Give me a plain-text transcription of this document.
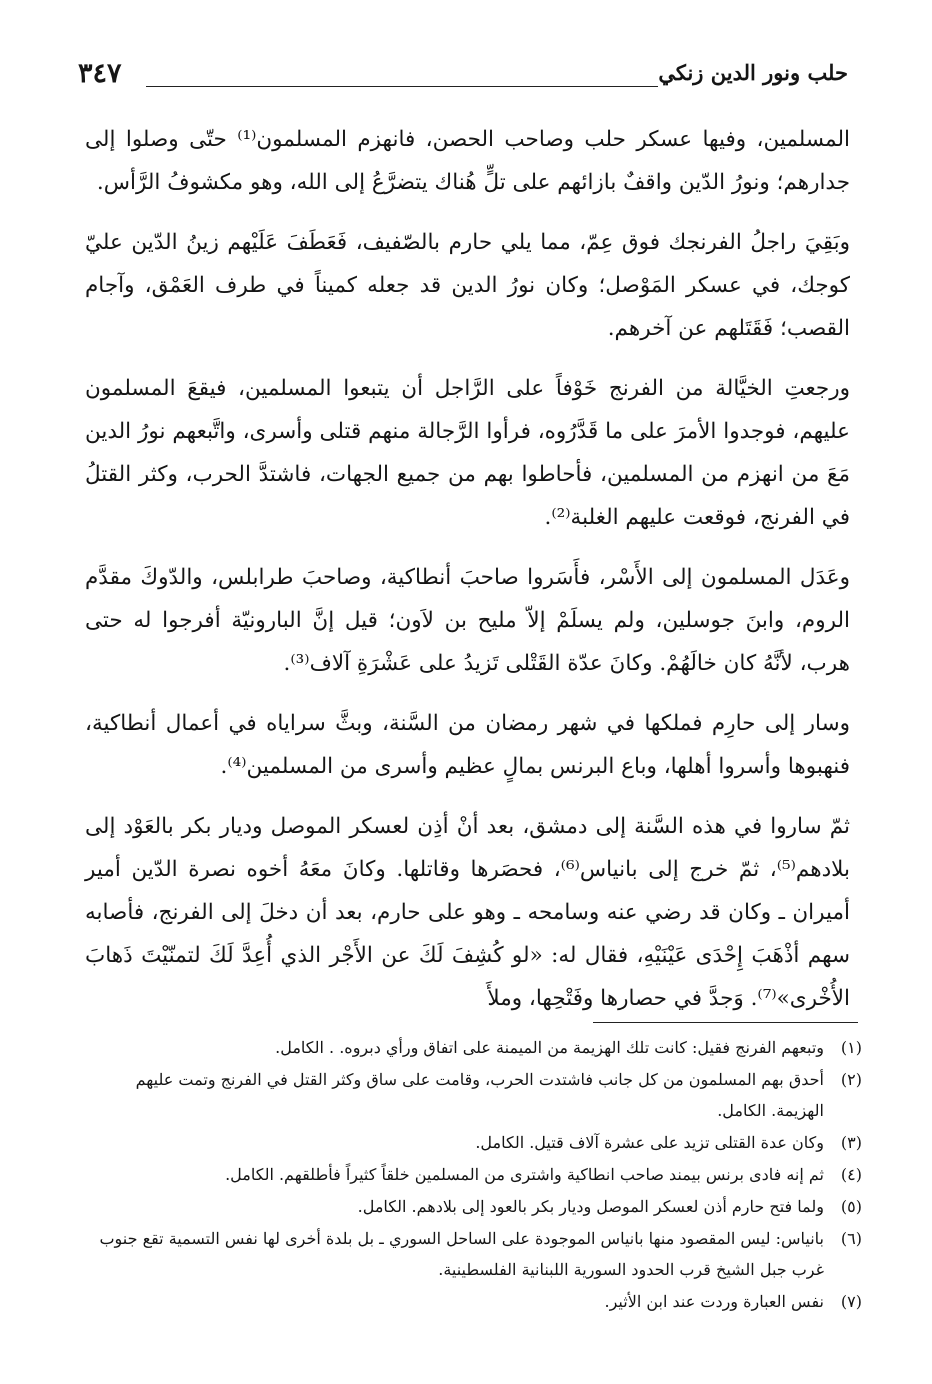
٣٤٧	حلب ونور الدين زنكي

المسلمين، وفيها عسكر حلب وصاحب الحصن، فانهزم المسلمون⁽¹⁾ حتّى وصلوا إلى جدارهم؛ ونورُ الدّين واقفٌ بازائهم على تلٍّ هُناك يتضرَّعُ إلى الله، وهو مكشوفُ الرَّأس.

وبَقِيَ راجلُ الفرنجك فوق عِمّ، مما يلي حارم بالصّفيف، فَعَطَفَ عَلَيْهم زينُ الدّين عليّ كوجك، في عسكر المَوْصل؛ وكان نورُ الدين قد جعله كميناً في طرف العَمْق، وآجام القصب؛ فَقَتَلهم عن آخرهم.

ورجعتِ الخيَّالة من الفرنج خَوْفاً على الرَّاجل أن يتبعوا المسلمين، فيقعَ المسلمون عليهم، فوجدوا الأمرَ على ما قَدَّرُوه، فرأوا الرَّجالة منهم قتلى وأسرى، واتَّبعهم نورُ الدين مَعَ من انهزم من المسلمين، فأحاطوا بهم من جميع الجهات، فاشتدَّ الحرب، وكثر القتلُ في الفرنج، فوقعت عليهم الغلبة⁽²⁾.

وعَدَل المسلمون إلى الأَسْر، فأَسَروا صاحبَ أنطاكية، وصاحبَ طرابلس، والدّوكَ مقدَّم الروم، وابنَ جوسلين، ولم يسلَمْ إلاّ مليح بن لاَون؛ قيل إنَّ البارونيّة أفرجوا له حتى هرب، لأنَّهُ كان خالَهُمْ. وكانَ عدّة القَتْلى تَزيدُ على عَشْرَةِ آلاف⁽³⁾.

وسار إلى حارِم فملكها في شهر رمضان من السَّنة، وبثَّ سراياه في أعمال أنطاكية، فنهبوها وأسروا أهلها، وباع البرنس بمالٍ عظيم وأسرى من المسلمين⁽⁴⁾.

ثمّ ساروا في هذه السَّنة إلى دمشق، بعد أنْ أذِن لعسكر الموصل وديار بكر بالعَوْد إلى بلادهم⁽⁵⁾، ثمّ خرج إلى بانياس⁽⁶⁾، فحصَرها وقاتلها. وكانَ معَهُ أخوه نصرة الدّين أمير أميران ـ وكان قد رضي عنه وسامحه ـ وهو على حارم، بعد أن دخلَ إلى الفرنج، فأصابه سهم أذْهَبَ إِحْدَى عَيْنَيْهِ، فقال له: «لو كُشِفَ لَكَ عن الأَجْر الذي أُعِدَّ لَكَ لتمنّيْتَ ذَهابَ الأُخْرى»⁽⁷⁾. وَجدَّ في حصارها وفَتْحِها، وملأَ

(١)
وتبعهم الفرنج فقيل: كانت تلك الهزيمة من الميمنة على اتفاق ورأي دبروه. . الكامل.
(٢)
أحدق بهم المسلمون من كل جانب فاشتدت الحرب، وقامت على ساق وكثر القتل في الفرنج وتمت عليهم الهزيمة. الكامل.
(٣)
وكان عدة القتلى تزيد على عشرة آلاف قتيل. الكامل.
(٤)
ثم إنه فادى برنس بيمند صاحب انطاكية واشترى من المسلمين خلقاً كثيراً فأطلقهم. الكامل.
(٥)
ولما فتح حارم أذن لعسكر الموصل وديار بكر بالعود إلى بلادهم. الكامل.
(٦)
بانياس: ليس المقصود منها بانياس الموجودة على الساحل السوري ـ بل بلدة أخرى لها نفس التسمية تقع جنوب غرب جبل الشيخ قرب الحدود السورية اللبنانية الفلسطينية.
(٧)
نفس العبارة وردت عند ابن الأثير.
